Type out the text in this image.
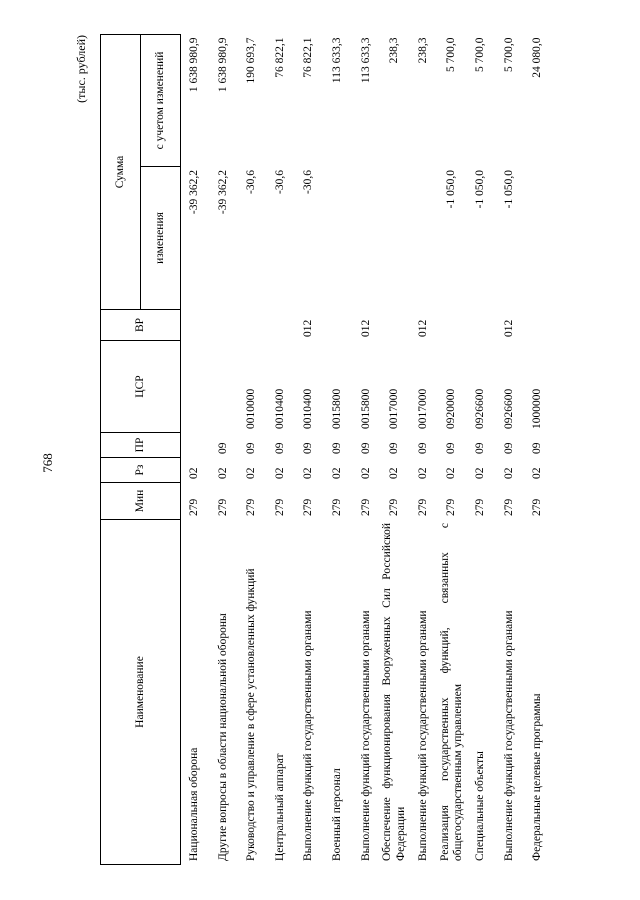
768
(тыс. рублей)
Наименование	Мин	Рз	ПР	ЦСР	ВР	Сумма	
						изменения	с учетом изменений
Национальная оборона	279	02				-39 362,2	1 638 980,9
Другие вопросы в области национальной обороны	279	02	09			-39 362,2	1 638 980,9
Руководство и управление в сфере установленных функций	279	02	09	0010000		-30,6	190 693,7
Центральный аппарат	279	02	09	0010400		-30,6	76 822,1
Выполнение функций государственными органами	279	02	09	0010400	012	-30,6	76 822,1
Военный персонал	279	02	09	0015800			113 633,3
Выполнение функций государственными органами	279	02	09	0015800	012		113 633,3
Обеспечение функционирования Вооруженных Сил Российской Федерации	279	02	09	0017000			238,3
Выполнение функций государственными органами	279	02	09	0017000	012		238,3
Реализация государственных функций, связанных с общегосударственным управлением	279	02	09	0920000		-1 050,0	5 700,0
Специальные объекты	279	02	09	0926600		-1 050,0	5 700,0
Выполнение функций государственными органами	279	02	09	0926600	012	-1 050,0	5 700,0
Федеральные целевые программы	279	02	09	1000000			24 080,0
